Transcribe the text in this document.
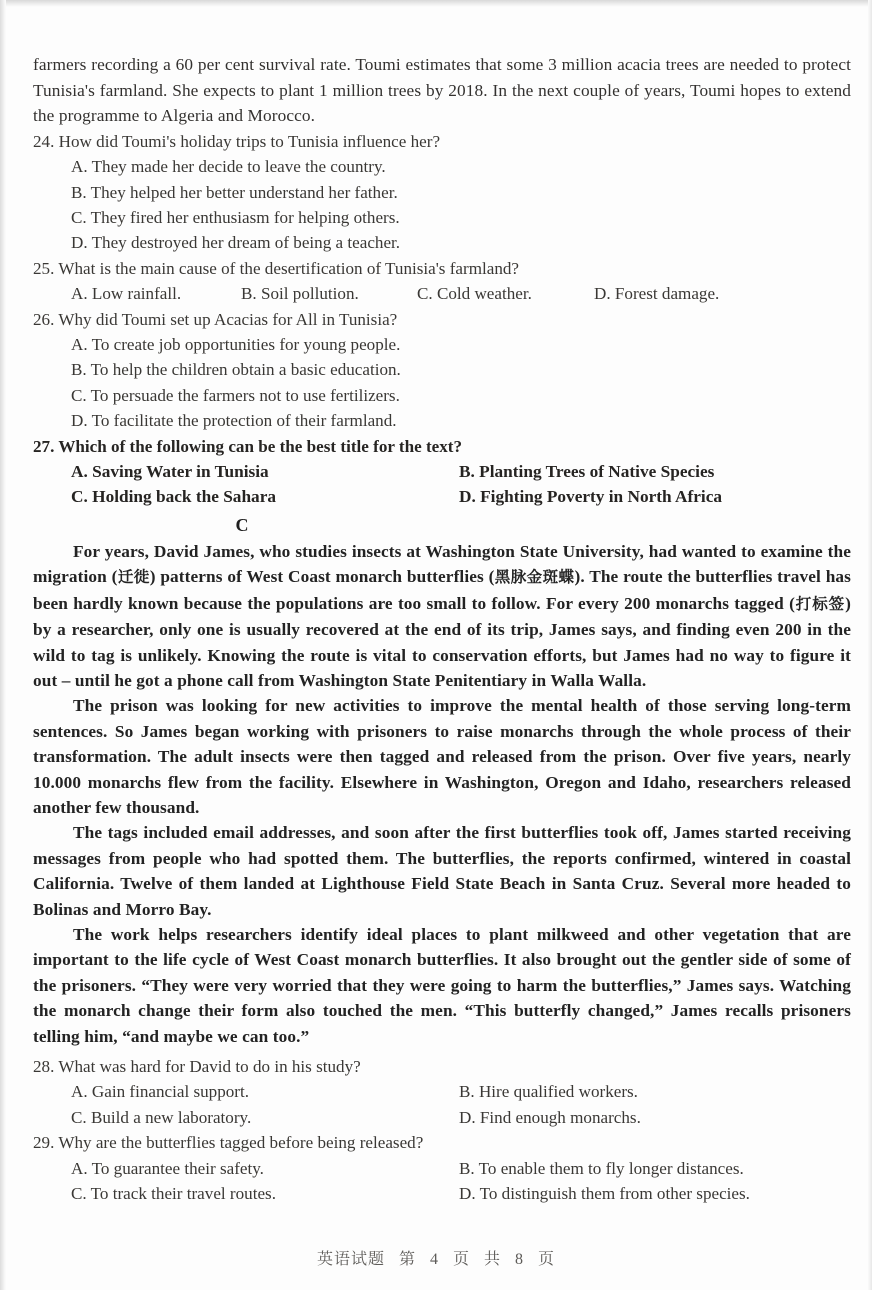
farmers recording a 60 per cent survival rate. Toumi estimates that some 3 million acacia trees are needed to protect Tunisia's farmland. She expects to plant 1 million trees by 2018. In the next couple of years, Toumi hopes to extend the programme to Algeria and Morocco.

24. How did Toumi's holiday trips to Tunisia influence her?

A. They made her decide to leave the country.

B. They helped her better understand her father.

C. They fired her enthusiasm for helping others.

D. They destroyed her dream of being a teacher.

25. What is the main cause of the desertification of Tunisia's farmland?

A. Low rainfall.	B. Soil pollution.	C. Cold weather.	D. Forest damage.

26. Why did Toumi set up Acacias for All in Tunisia?

A. To create job opportunities for young people.

B. To help the children obtain a basic education.

C. To persuade the farmers not to use fertilizers.

D. To facilitate the protection of their farmland.

27. Which of the following can be the best title for the text?

A. Saving Water in Tunisia	B. Planting Trees of Native Species
C. Holding back the Sahara	D. Fighting Poverty in North Africa

C

For years, David James, who studies insects at Washington State University, had wanted to examine the migration (迁徙) patterns of West Coast monarch butterflies (黑脉金斑蝶). The route the butterflies travel has been hardly known because the populations are too small to follow. For every 200 monarchs tagged (打标签) by a researcher, only one is usually recovered at the end of its trip, James says, and finding even 200 in the wild to tag is unlikely. Knowing the route is vital to conservation efforts, but James had no way to figure it out – until he got a phone call from Washington State Penitentiary in Walla Walla.

The prison was looking for new activities to improve the mental health of those serving long-term sentences. So James began working with prisoners to raise monarchs through the whole process of their transformation. The adult insects were then tagged and released from the prison. Over five years, nearly 10.000 monarchs flew from the facility. Elsewhere in Washington, Oregon and Idaho, researchers released another few thousand.

The tags included email addresses, and soon after the first butterflies took off, James started receiving messages from people who had spotted them. The butterflies, the reports confirmed, wintered in coastal California. Twelve of them landed at Lighthouse Field State Beach in Santa Cruz. Several more headed to Bolinas and Morro Bay.

The work helps researchers identify ideal places to plant milkweed and other vegetation that are important to the life cycle of West Coast monarch butterflies. It also brought out the gentler side of some of the prisoners. “They were very worried that they were going to harm the butterflies,” James says. Watching the monarch change their form also touched the men. “This butterfly changed,” James recalls prisoners telling him, “and maybe we can too.”

28. What was hard for David to do in his study?

A. Gain financial support.	B. Hire qualified workers.
C. Build a new laboratory.	D. Find enough monarchs.

29. Why are the butterflies tagged before being released?

A. To guarantee their safety.	B. To enable them to fly longer distances.
C. To track their travel routes.	D. To distinguish them from other species.
英语试题 第 4 页 共 8 页
